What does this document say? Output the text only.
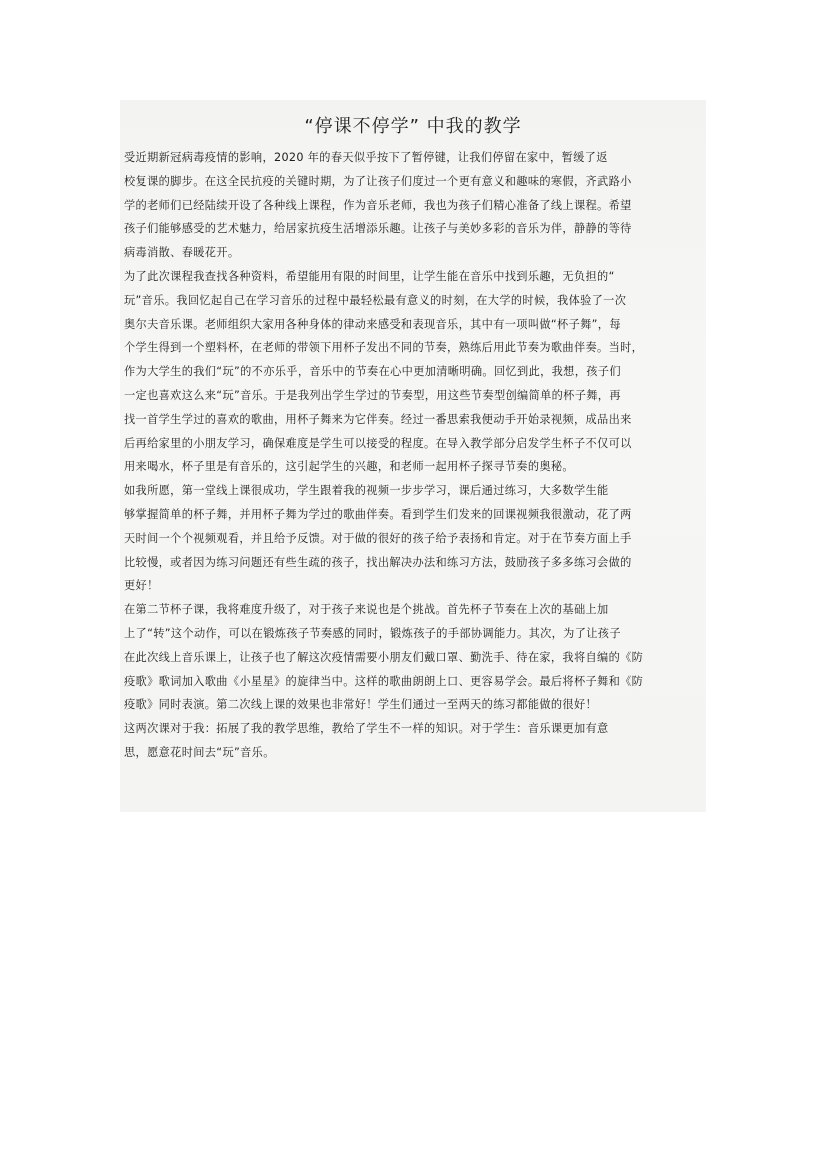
“停课不停学” 中我的教学
受近期新冠病毒疫情的影响，2020 年的春天似乎按下了暂停键，让我们停留在家中，暂缓了返
校复课的脚步。在这全民抗疫的关键时期，为了让孩子们度过一个更有意义和趣味的寒假，齐武路小
学的老师们已经陆续开设了各种线上课程，作为音乐老师，我也为孩子们精心准备了线上课程。希望
孩子们能够感受的艺术魅力，给居家抗疫生活增添乐趣。让孩子与美妙多彩的音乐为伴，静静的等待
病毒消散、春暖花开。
为了此次课程我查找各种资料，希望能用有限的时间里，让学生能在音乐中找到乐趣，无负担的“
玩”音乐。我回忆起自己在学习音乐的过程中最轻松最有意义的时刻，在大学的时候，我体验了一次
奥尔夫音乐课。老师组织大家用各种身体的律动来感受和表现音乐，其中有一项叫做“杯子舞”，每
个学生得到一个塑料杯，在老师的带领下用杯子发出不同的节奏，熟练后用此节奏为歌曲伴奏。当时，
作为大学生的我们“玩”的不亦乐乎，音乐中的节奏在心中更加清晰明确。回忆到此，我想，孩子们
一定也喜欢这么来“玩”音乐。于是我列出学生学过的节奏型，用这些节奏型创编简单的杯子舞，再
找一首学生学过的喜欢的歌曲，用杯子舞来为它伴奏。经过一番思索我便动手开始录视频，成品出来
后再给家里的小朋友学习，确保难度是学生可以接受的程度。在导入教学部分启发学生杯子不仅可以
用来喝水，杯子里是有音乐的，这引起学生的兴趣，和老师一起用杯子探寻节奏的奥秘。
如我所愿，第一堂线上课很成功，学生跟着我的视频一步步学习，课后通过练习，大多数学生能
够掌握简单的杯子舞，并用杯子舞为学过的歌曲伴奏。看到学生们发来的回课视频我很激动，花了两
天时间一个个视频观看，并且给予反馈。对于做的很好的孩子给予表扬和肯定。对于在节奏方面上手
比较慢，或者因为练习问题还有些生疏的孩子，找出解决办法和练习方法，鼓励孩子多多练习会做的
更好！
在第二节杯子课，我将难度升级了，对于孩子来说也是个挑战。首先杯子节奏在上次的基础上加
上了“转”这个动作，可以在锻炼孩子节奏感的同时，锻炼孩子的手部协调能力。其次，为了让孩子
在此次线上音乐课上，让孩子也了解这次疫情需要小朋友们戴口罩、勤洗手、待在家，我将自编的《防
疫歌》歌词加入歌曲《小星星》的旋律当中。这样的歌曲朗朗上口、更容易学会。最后将杯子舞和《防
疫歌》同时表演。第二次线上课的效果也非常好！学生们通过一至两天的练习都能做的很好！
这两次课对于我：拓展了我的教学思维，教给了学生不一样的知识。对于学生：音乐课更加有意
思，愿意花时间去“玩”音乐。
